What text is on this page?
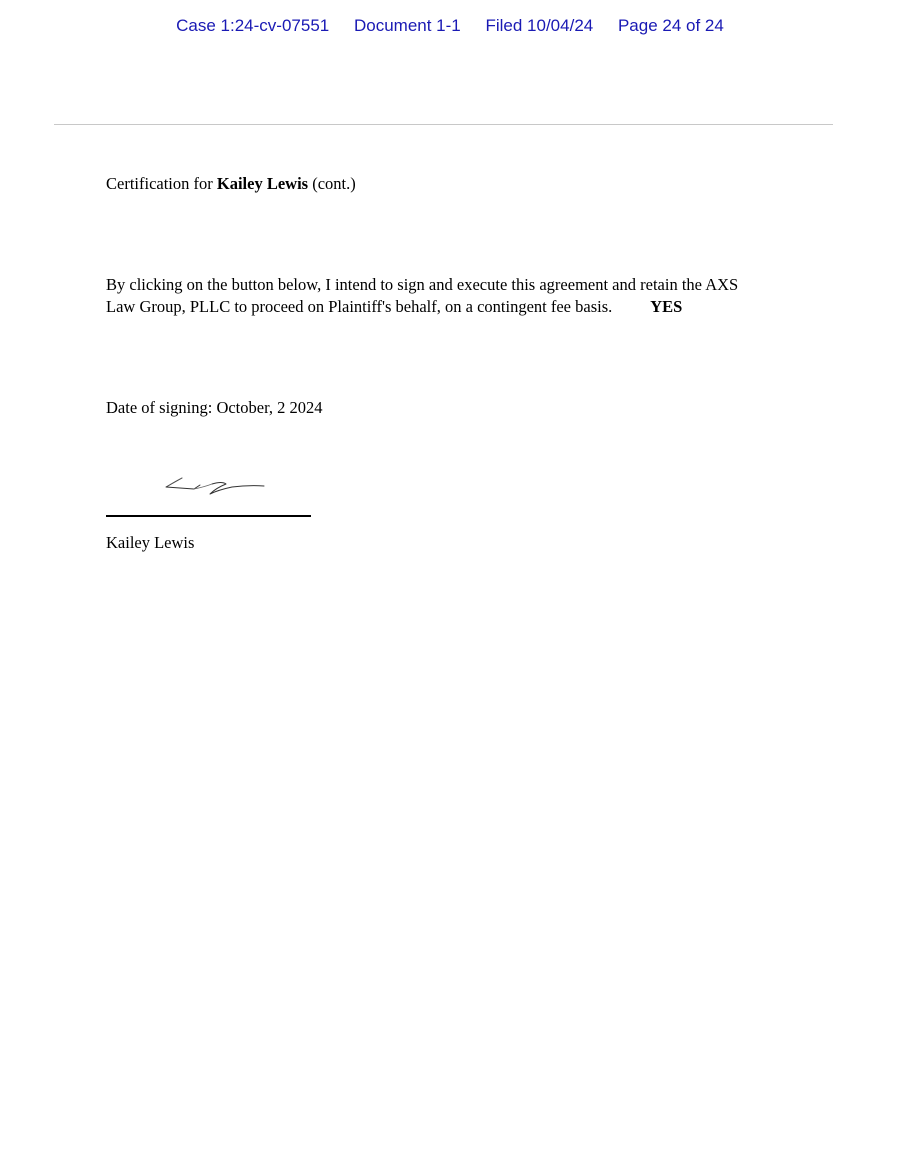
Case 1:24-cv-07551 Document 1-1 Filed 10/04/24 Page 24 of 24
Certification for Kailey Lewis (cont.)
By clicking on the button below, I intend to sign and execute this agreement and retain the AXS
Law Group, PLLC to proceed on Plaintiff's behalf, on a contingent fee basis. YES
Date of signing: October, 2 2024
Kailey Lewis
